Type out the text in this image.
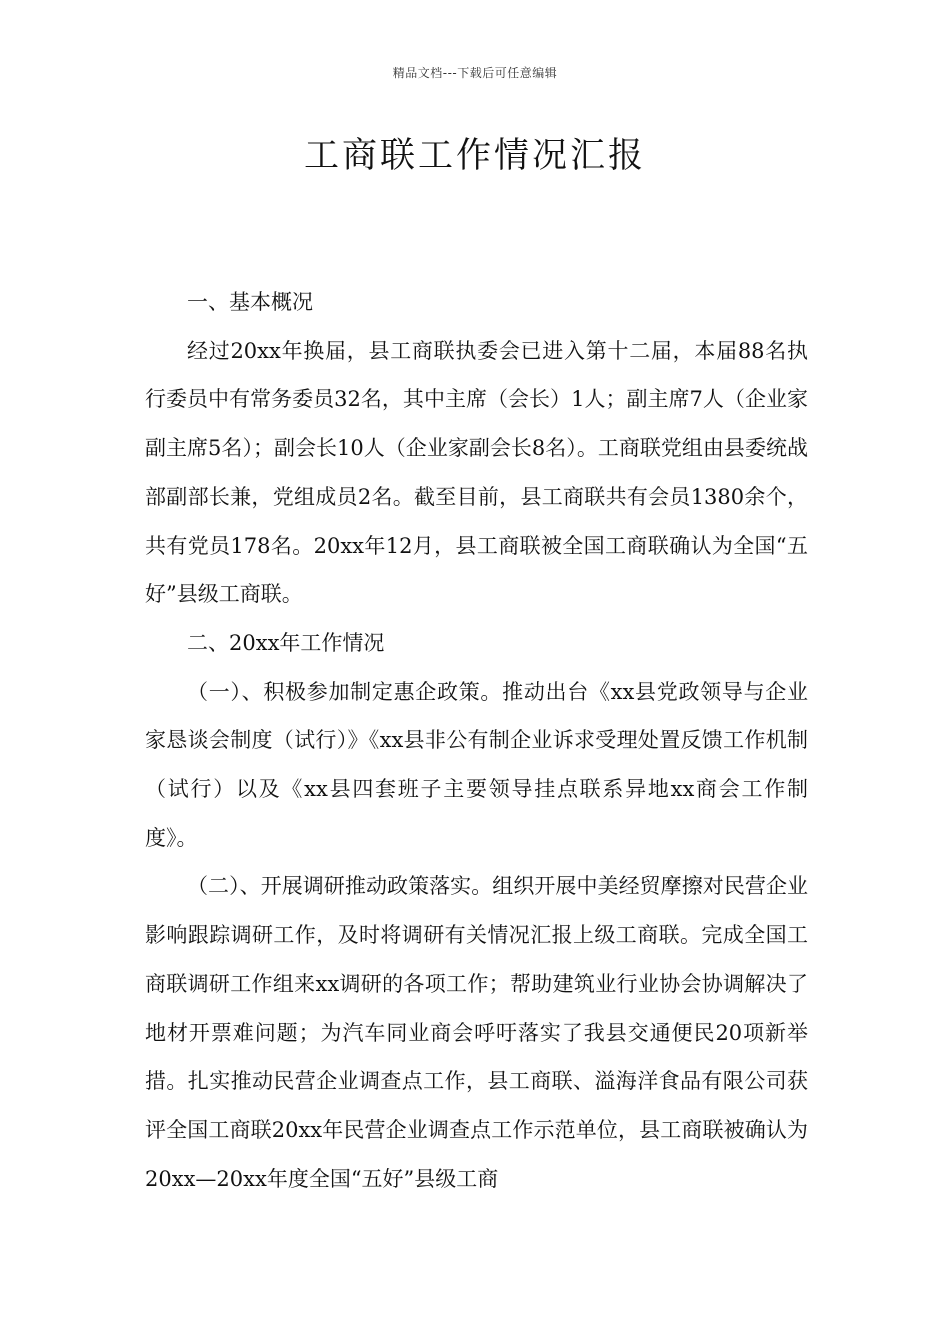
精品文档---下载后可任意编辑
工商联工作情况汇报

一、基本概况

经过20xx年换届，县工商联执委会已进入第十二届，本届88名执行委员中有常务委员32名，其中主席（会长）1人；副主席7人（企业家副主席5名）；副会长10人（企业家副会长8名）。工商联党组由县委统战部副部长兼，党组成员2名。截至目前，县工商联共有会员1380余个，共有党员178名。20xx年12月，县工商联被全国工商联确认为全国“五好”县级工商联。

二、20xx年工作情况

（一）、积极参加制定惠企政策。推动出台《xx县党政领导与企业家恳谈会制度（试行）》《xx县非公有制企业诉求受理处置反馈工作机制（试行）以及《xx县四套班子主要领导挂点联系异地xx商会工作制度》。

（二）、开展调研推动政策落实。组织开展中美经贸摩擦对民营企业影响跟踪调研工作，及时将调研有关情况汇报上级工商联。完成全国工商联调研工作组来xx调研的各项工作；帮助建筑业行业协会协调解决了地材开票难问题；为汽车同业商会呼吁落实了我县交通便民20项新举措。扎实推动民营企业调查点工作，县工商联、溢海洋食品有限公司获评全国工商联20xx年民营企业调查点工作示范单位，县工商联被确认为20xx—20xx年度全国“五好”县级工商
